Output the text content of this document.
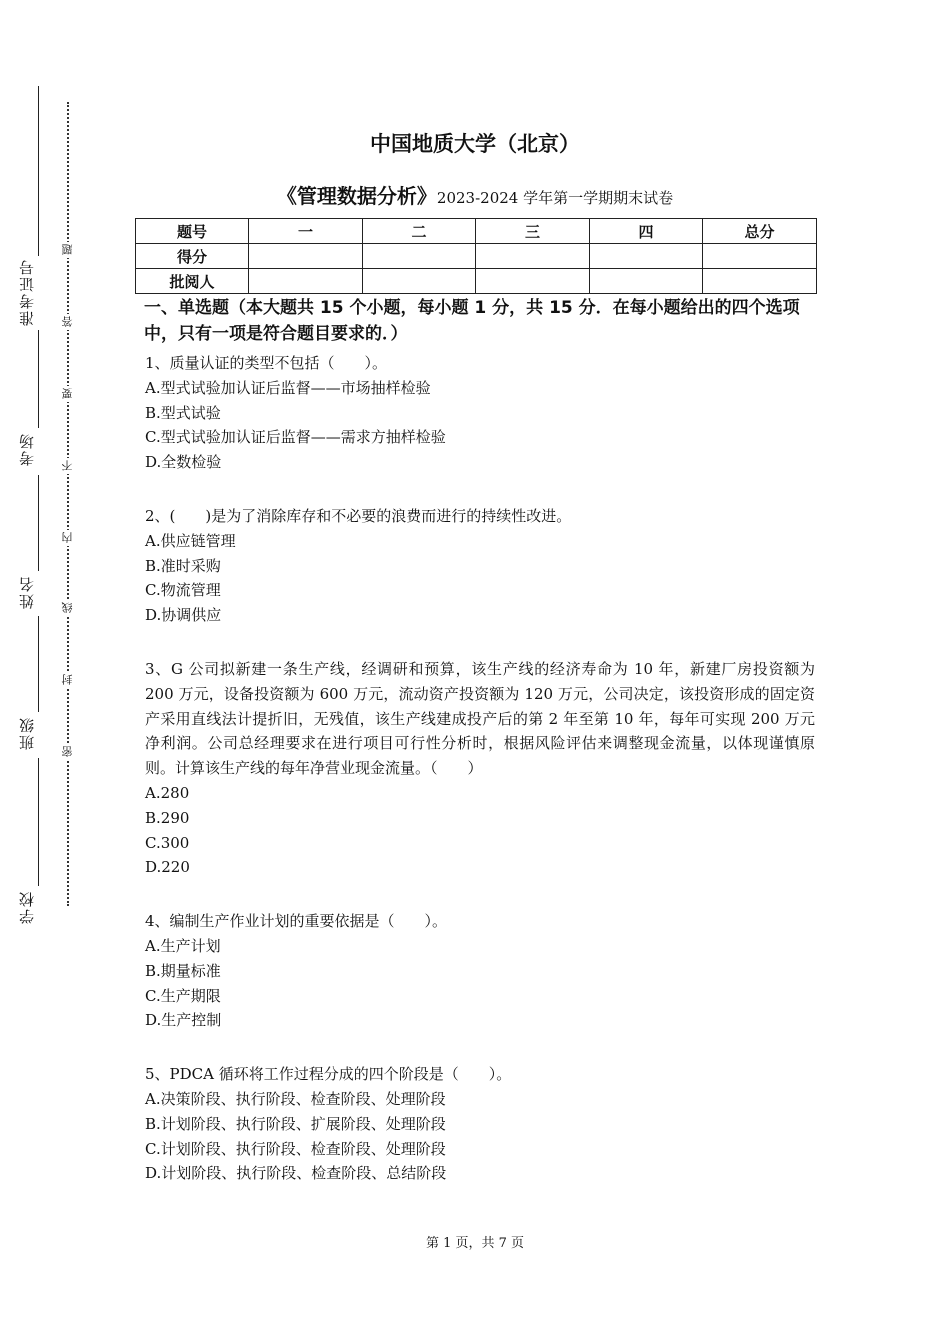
准考证号
考场
姓名
班级
学校
题
答
要
不
内
线
封
密
中国地质大学（北京）
《管理数据分析》2023-2024 学年第一学期期末试卷
题号	一	二	三	四	总分
得分					
批阅人					
一、单选题（本大题共 15 个小题，每小题 1 分，共 15 分．在每小题给出的四个选项中，只有一项是符合题目要求的．）
1、质量认证的类型不包括（　　）。
A.型式试验加认证后监督——市场抽样检验
B.型式试验
C.型式试验加认证后监督——需求方抽样检验
D.全数检验
2、(　　)是为了消除库存和不必要的浪费而进行的持续性改进。
A.供应链管理
B.准时采购
C.物流管理
D.协调供应
3、G 公司拟新建一条生产线，经调研和预算，该生产线的经济寿命为 10 年，新建厂房投资额为 200 万元，设备投资额为 600 万元，流动资产投资额为 120 万元，公司决定，该投资形成的固定资产采用直线法计提折旧，无残值，该生产线建成投产后的第 2 年至第 10 年，每年可实现 200 万元净利润。公司总经理要求在进行项目可行性分析时，根据风险评估来调整现金流量，以体现谨慎原则。计算该生产线的每年净营业现金流量。（　　）
A.280
B.290
C.300
D.220
4、编制生产作业计划的重要依据是（　　）。
A.生产计划
B.期量标准
C.生产期限
D.生产控制
5、PDCA 循环将工作过程分成的四个阶段是（　　）。
A.决策阶段、执行阶段、检查阶段、处理阶段
B.计划阶段、执行阶段、扩展阶段、处理阶段
C.计划阶段、执行阶段、检查阶段、处理阶段
D.计划阶段、执行阶段、检查阶段、总结阶段
第 1 页，共 7 页
